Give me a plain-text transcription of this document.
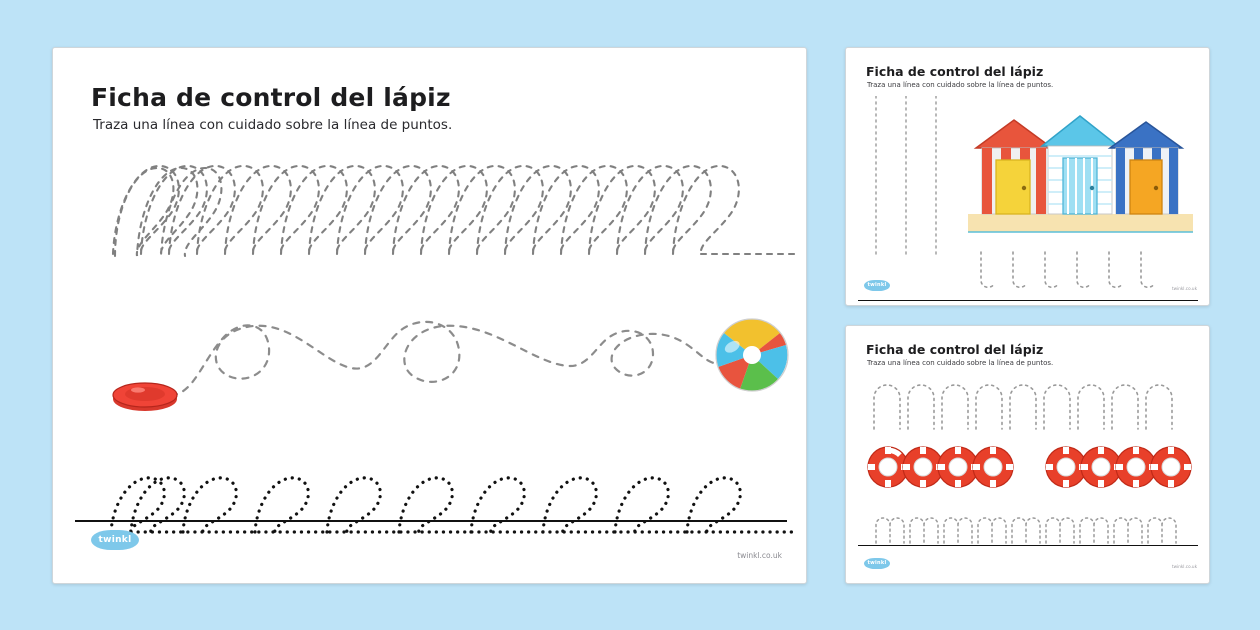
Ficha de control del lápiz
Traza una línea con cuidado sobre la línea de puntos.
twinkl
twinkl.co.uk
Ficha de control del lápiz
Traza una línea con cuidado sobre la línea de puntos.
twinkl
twinkl.co.uk
Ficha de control del lápiz
Traza una línea con cuidado sobre la línea de puntos.
twinkl
twinkl.co.uk
